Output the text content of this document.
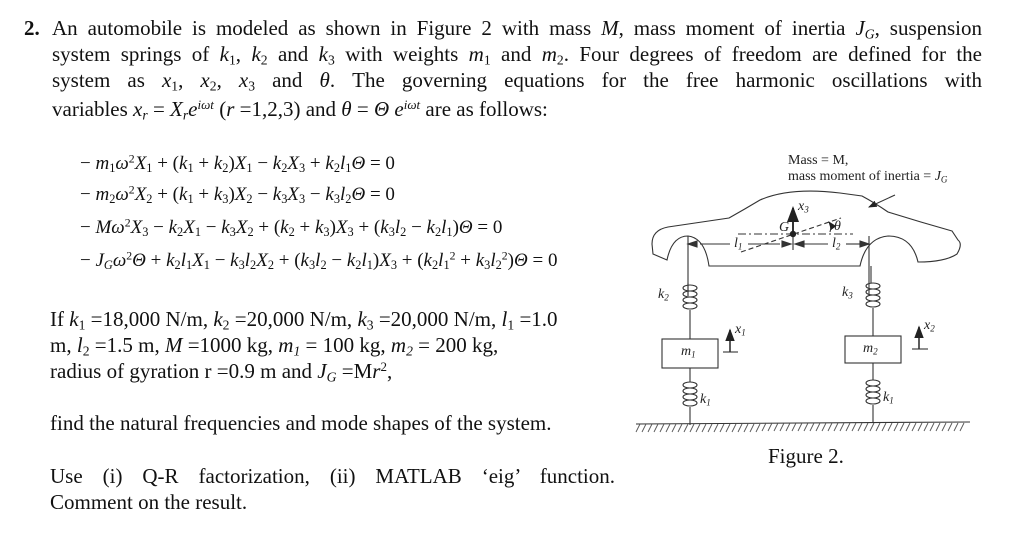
2. An automobile is modeled as shown in Figure 2 with mass M, mass moment of inertia $J_G$, suspension
system springs of $k_1$, $k_2$ and $k_3$ with weights $m_1$ and $m_2$. Four degrees of freedom are defined for the
system as $x_1$, $x_2$, $x_3$ and θ. The governing equations for the free harmonic oscillations with
variables $x_r = X_re^{i\omega t}$ (r =1,2,3) and θ = Θ $e^{i\omega t}$ are as follows:
− $m_1\omega^2X_1 + (k_1 + k_2)X_1 - k_2X_3 + k_2l_1\Theta = 0$
− $m_2\omega^2X_2 + (k_1 + k_3)X_2 - k_3X_3 - k_3l_2\Theta = 0$
− $M\omega^2X_3 - k_2X_1 - k_3X_2 + (k_2 + k_3)X_3 + (k_3l_2 - k_2l_1)\Theta = 0$
− $J_G\omega^2\Theta + k_2l_1X_1 - k_3l_2X_2 + (k_3l_2 - k_2l_1)X_3 + (k_2l_1^2 + k_3l_2^2)\Theta = 0$
If $k_1 =18,000$ N/m, $k_2 =20,000$ N/m, $k_3 =20,000$ N/m, $l_1 =1.0$
m, $l_2 =1.5$ m, M =1000 kg, $m_1 = 100$ kg, $m_2 = 200$ kg,
radius of gyration r =0.9 m and $J_G =Mr^2$,
find the natural frequencies and mode shapes of the system.
Use (i) Q-R factorization, (ii) MATLAB ‘eig’ function.
Comment on the result.
Mass = M,
mass moment of inertia = $J_G$
$x_3$
G	θ
$l_1$	$l_2$
$k_2$	$k_3$
$m_1$	$m_2$
$x_1$	$x_2$
$k_1$	$k_1$
Figure 2.
